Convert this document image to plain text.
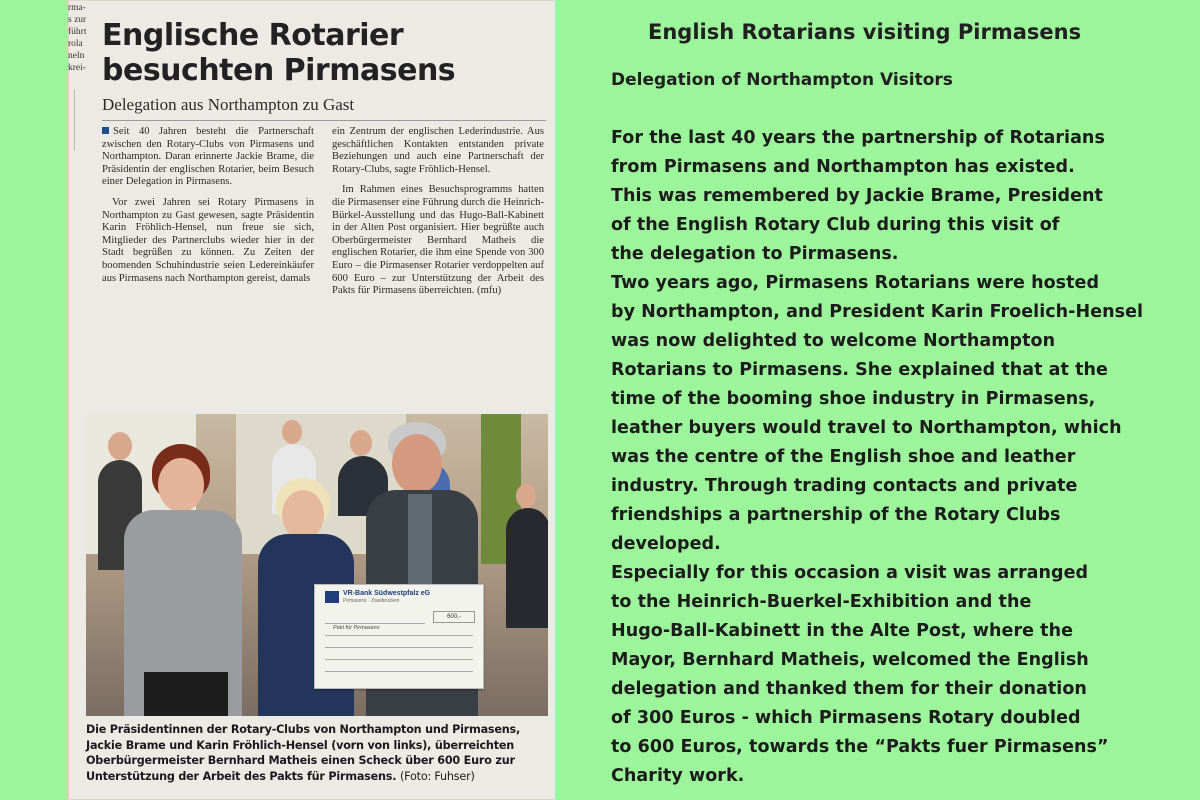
rma-
s zur
führt
rola
neln
krei-
Englische Rotarier
besuchten Pirmasens
Delegation aus Northampton zu Gast

Seit 40 Jahren besteht die Partnerschaft zwischen den Rotary-Clubs von Pirmasens und Northampton. Daran erinnerte Jackie Brame, die Präsidentin der englischen Rotarier, beim Besuch einer Delegation in Pirmasens.

Vor zwei Jahren sei Rotary Pirmasens in Northampton zu Gast gewesen, sagte Präsidentin Karin Fröhlich-Hensel, nun freue sie sich, Mitglieder des Partnerclubs wieder hier in der Stadt begrüßen zu können. Zu Zeiten der boomenden Schuhindustrie seien Ledereinkäufer aus Pirmasens nach Northampton gereist, damals

ein Zentrum der englischen Lederindustrie. Aus geschäftlichen Kontakten entstanden private Beziehungen und auch eine Partnerschaft der Rotary-Clubs, sagte Fröhlich-Hensel.

Im Rahmen eines Besuchsprogramms hatten die Pirmasenser eine Führung durch die Heinrich-Bürkel-Ausstellung und das Hugo-Ball-Kabinett in der Alten Post organisiert. Hier begrüßte auch Oberbürgermeister Bernhard Matheis die englischen Rotarier, die ihm eine Spende von 300 Euro – die Pirmasenser Rotarier verdoppelten auf 600 Euro – zur Unterstützung der Arbeit des Pakts für Pirmasens überreichten. (mfu)

VR-Bank Südwestpfalz eG
Pirmasens · Zweibrücken
600,-
Pakt für Pirmasens
Die Präsidentinnen der Rotary-Clubs von Northampton und Pirmasens, Jackie Brame und Karin Fröhlich-Hensel (vorn von links), überreichten Oberbürgermeister Bernhard Matheis einen Scheck über 600 Euro zur Unterstützung der Arbeit des Pakts für Pirmasens. (Foto: Fuhser)
English Rotarians visiting Pirmasens
Delegation of Northampton Visitors
For the last 40 years the partnership of Rotarians
from Pirmasens and Northampton has existed.
This was remembered by Jackie Brame, President
of the English Rotary Club during this visit of
the delegation to Pirmasens.
Two years ago, Pirmasens Rotarians were hosted
by Northampton, and President Karin Froelich-Hensel
was now delighted to welcome Northampton
Rotarians to Pirmasens. She explained that at the
time of the booming shoe industry in Pirmasens,
leather buyers would travel to Northampton, which
was the centre of the English shoe and leather
industry. Through trading contacts and private
friendships a partnership of the Rotary Clubs
developed.
Especially for this occasion a visit was arranged
to the Heinrich-Buerkel-Exhibition and the
Hugo-Ball-Kabinett in the Alte Post, where the
Mayor, Bernhard Matheis, welcomed the English
delegation and thanked them for their donation
of 300 Euros - which Pirmasens Rotary doubled
to 600 Euros, towards the “Pakts fuer Pirmasens”
Charity work.
